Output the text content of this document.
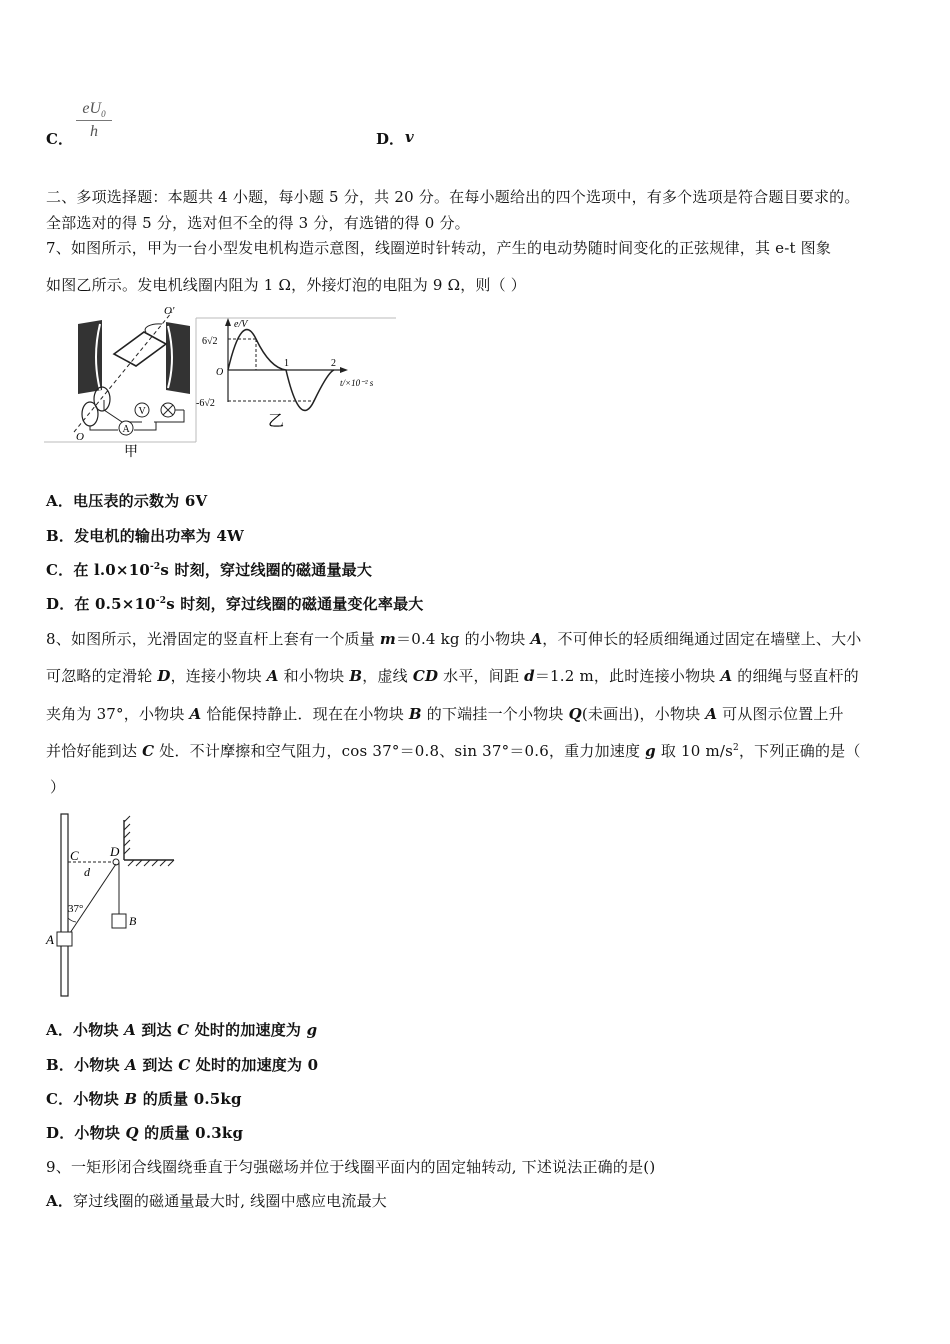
C． $\frac{eU_0}{h}$	D． v
二、多项选择题：本题共 4 小题，每小题 5 分，共 20 分。在每小题给出的四个选项中，有多个选项是符合题目要求的。
全部选对的得 5 分，选对但不全的得 3 分，有选错的得 0 分。
7、如图所示，甲为一台小型发电机构造示意图，线圈逆时针转动，产生的电动势随时间变化的正弦规律，其 e-t 图象
如图乙所示。发电机线圈内阻为 1 Ω，外接灯泡的电阻为 9 Ω，则（ ）
O'
O
V
A
甲
e/V
6√2
O
-6√2
1	2
t/×10⁻² s
乙
A．电压表的示数为 6V
B．发电机的输出功率为 4W
C．在 $l.0\times 10^{-2}s$ 时刻，穿过线圈的磁通量最大
D．在 $0.5\times 10^{-2}s$ 时刻，穿过线圈的磁通量变化率最大
8、如图所示，光滑固定的竖直杆上套有一个质量 m＝0.4 kg 的小物块 A，不可伸长的轻质细绳通过固定在墙壁上、大小
可忽略的定滑轮 D，连接小物块 A 和小物块 B，虚线 CD 水平，间距 d＝1.2 m，此时连接小物块 A 的细绳与竖直杆的
夹角为 37°，小物块 A 恰能保持静止．现在在小物块 B 的下端挂一个小物块 Q(未画出)，小物块 A 可从图示位置上升
并恰好能到达 C 处．不计摩擦和空气阻力，cos 37°＝0.8、sin 37°＝0.6，重力加速度 g 取 10 $m/s^2$，下列正确的是（
）
C D
d
37°
A
B
A．小物块 A 到达 C 处时的加速度为 g
B．小物块 A 到达 C 处时的加速度为 0
C．小物块 B 的质量 0.5kg
D．小物块 Q 的质量 0.3kg
9、一矩形闭合线圈绕垂直于匀强磁场并位于线圈平面内的固定轴转动, 下述说法正确的是()
A．穿过线圈的磁通量最大时, 线圈中感应电流最大
